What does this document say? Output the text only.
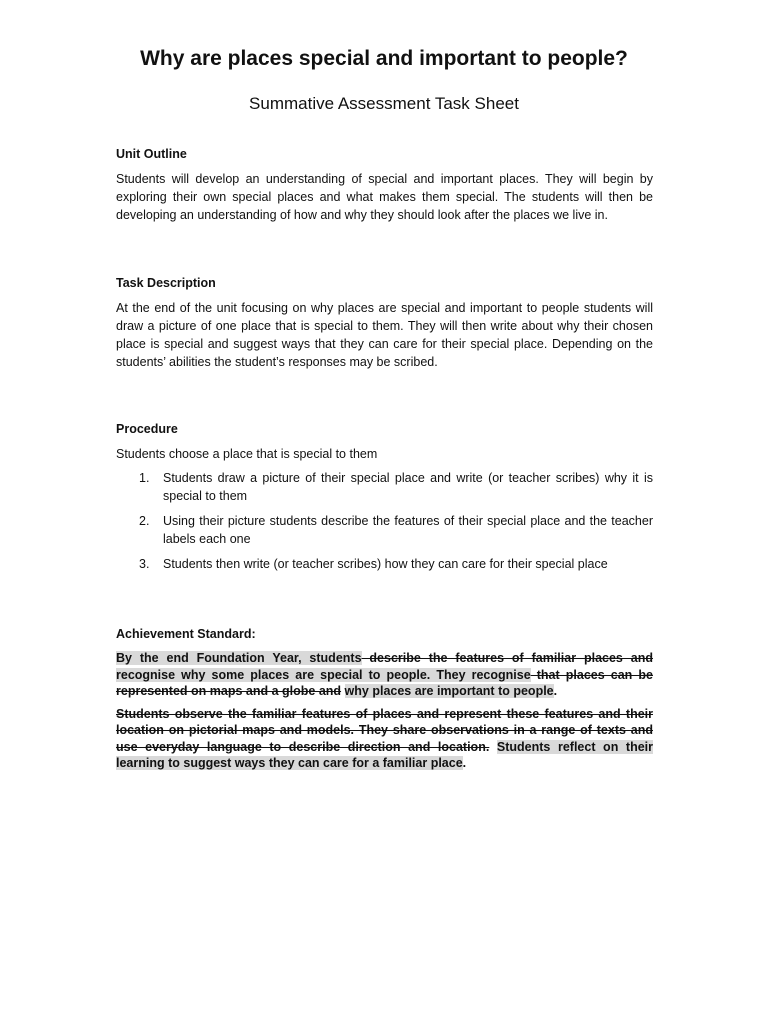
Why are places special and important to people?
Summative Assessment Task Sheet

Unit Outline

Students will develop an understanding of special and important places. They will begin by exploring their own special places and what makes them special. The students will then be developing an understanding of how and why they should look after the places we live in.

Task Description

At the end of the unit focusing on why places are special and important to people students will draw a picture of one place that is special to them. They will then write about why their chosen place is special and suggest ways that they can care for their special place. Depending on the students’ abilities the student’s responses may be scribed.

Procedure

Students choose a place that is special to them

1. Students draw a picture of their special place and write (or teacher scribes) why it is special to them
2. Using their picture students describe the features of their special place and the teacher labels each one
3. Students then write (or teacher scribes) how they can care for their special place

Achievement Standard:

By the end Foundation Year, students describe the features of familiar places and recognise why some places are special to people. They recognise that places can be represented on maps and a globe and why places are important to people.

Students observe the familiar features of places and represent these features and their location on pictorial maps and models. They share observations in a range of texts and use everyday language to describe direction and location. Students reflect on their learning to suggest ways they can care for a familiar place.
